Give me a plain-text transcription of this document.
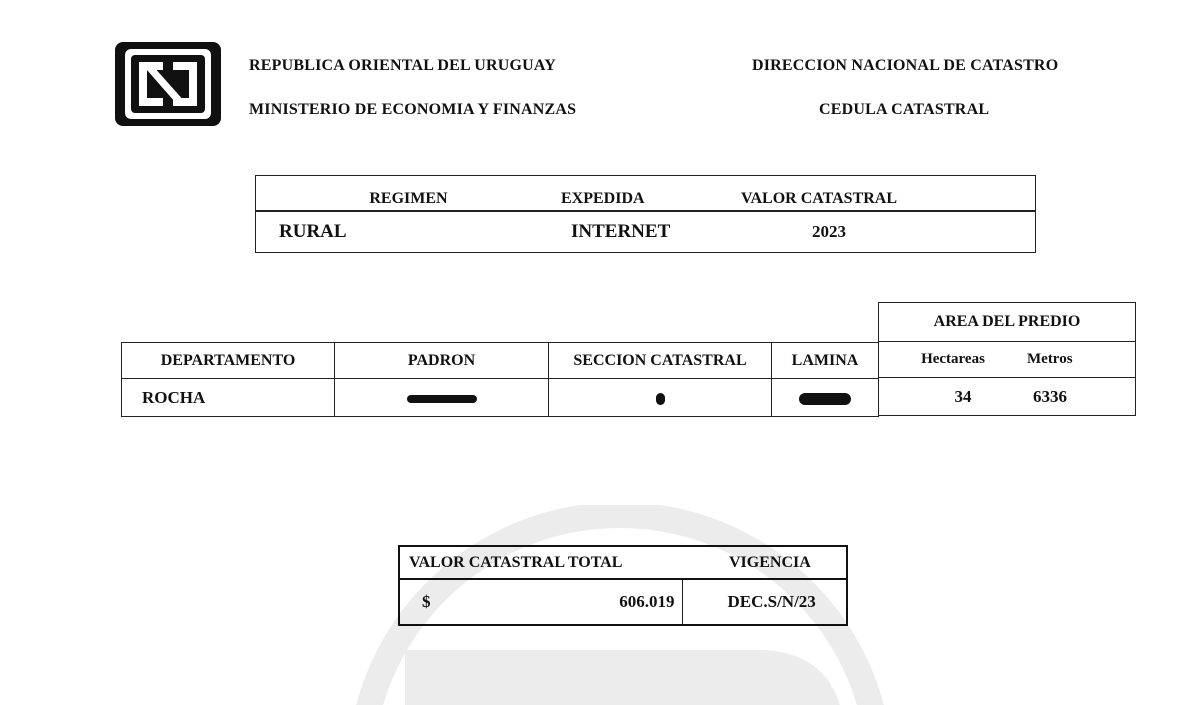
REPUBLICA ORIENTAL DEL URUGUAY
MINISTERIO DE ECONOMIA Y FINANZAS
DIRECCION NACIONAL DE CATASTRO
CEDULA CATASTRAL
REGIMEN	EXPEDIDA	VALOR CATASTRAL
RURAL	INTERNET	2023
DEPARTAMENTO	PADRON	SECCION CATASTRAL	LAMINA
ROCHA			
AREA DEL PREDIO	
Hectareas	Metros
34	6336
VALOR CATASTRAL TOTAL		VIGENCIA
$	606.019	DEC.S/N/23
